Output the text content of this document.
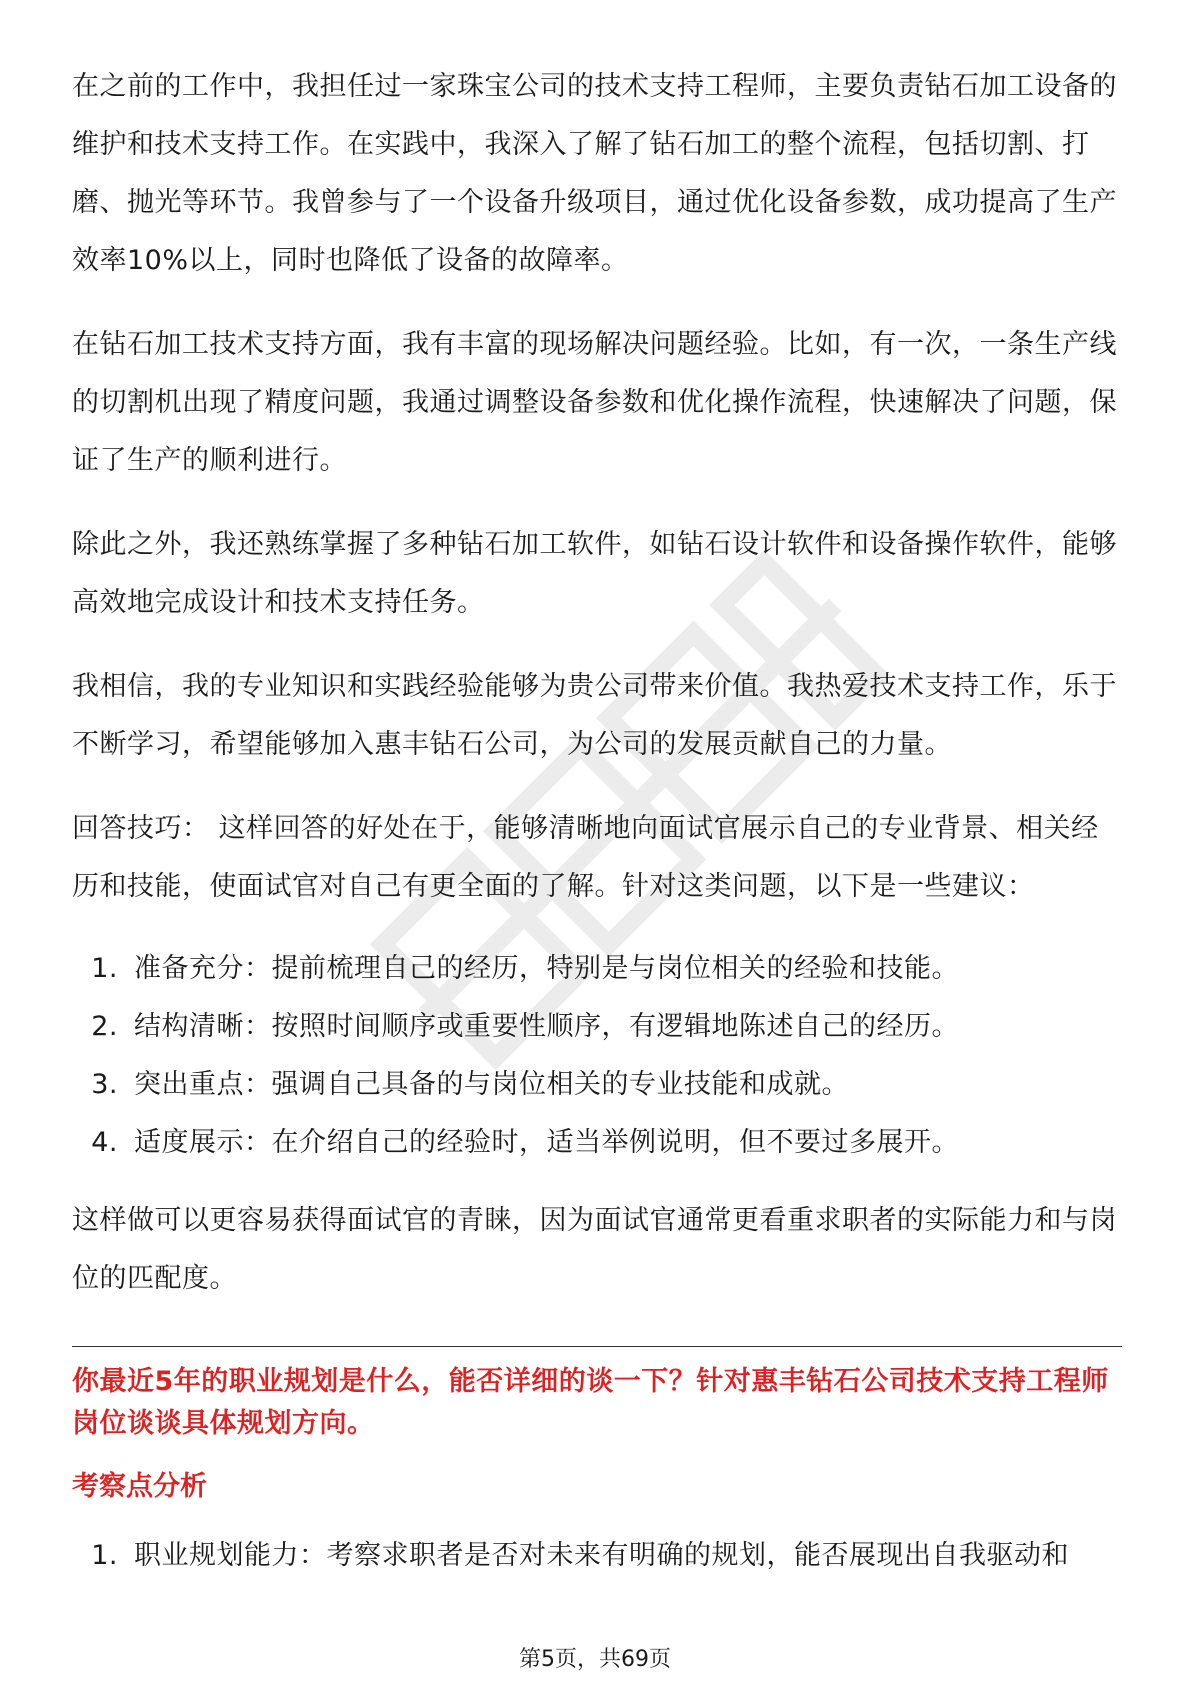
在之前的工作中，我担任过一家珠宝公司的技术支持工程师，主要负责钻石加工设备的维护和技术支持工作。在实践中，我深入了解了钻石加工的整个流程，包括切割、打磨、抛光等环节。我曾参与了一个设备升级项目，通过优化设备参数，成功提高了生产效率10%以上，同时也降低了设备的故障率。

在钻石加工技术支持方面，我有丰富的现场解决问题经验。比如，有一次，一条生产线的切割机出现了精度问题，我通过调整设备参数和优化操作流程，快速解决了问题，保证了生产的顺利进行。

除此之外，我还熟练掌握了多种钻石加工软件，如钻石设计软件和设备操作软件，能够高效地完成设计和技术支持任务。

我相信，我的专业知识和实践经验能够为贵公司带来价值。我热爱技术支持工作，乐于不断学习，希望能够加入惠丰钻石公司，为公司的发展贡献自己的力量。

回答技巧： 这样回答的好处在于，能够清晰地向面试官展示自己的专业背景、相关经历和技能，使面试官对自己有更全面的了解。针对这类问题，以下是一些建议：

1. 准备充分：提前梳理自己的经历，特别是与岗位相关的经验和技能。
2. 结构清晰：按照时间顺序或重要性顺序，有逻辑地陈述自己的经历。
3. 突出重点：强调自己具备的与岗位相关的专业技能和成就。
4. 适度展示：在介绍自己的经验时，适当举例说明，但不要过多展开。

这样做可以更容易获得面试官的青睐，因为面试官通常更看重求职者的实际能力和与岗位的匹配度。

你最近5年的职业规划是什么，能否详细的谈一下？针对惠丰钻石公司技术支持工程师岗位谈谈具体规划方向。

考察点分析

1. 职业规划能力：考察求职者是否对未来有明确的规划，能否展现出自我驱动和
第5页，共69页
